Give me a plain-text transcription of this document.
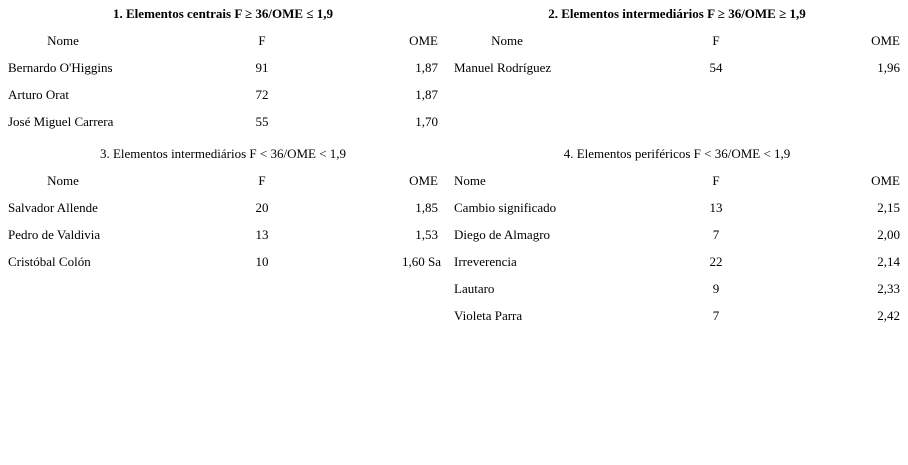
1. Elementos centrais F ≥ 36/OME ≤ 1,9
Nome	F	OME
Bernardo O'Higgins	91	1,87
Arturo Orat	72	1,87
José Miguel Carrera	55	1,70
2. Elementos intermediários F ≥ 36/OME ≥ 1,9
Nome	F	OME
Manuel Rodríguez	54	1,96
3. Elementos intermediários F < 36/OME < 1,9
Nome	F	OME
Salvador Allende	20	1,85
Pedro de Valdivia	13	1,53
Cristóbal Colón	10	1,60 Sa
4. Elementos periféricos F < 36/OME < 1,9
Nome	F	OME
Cambio significado	13	2,15
Diego de Almagro	7	2,00
Irreverencia	22	2,14
Lautaro	9	2,33
Violeta Parra	7	2,42
